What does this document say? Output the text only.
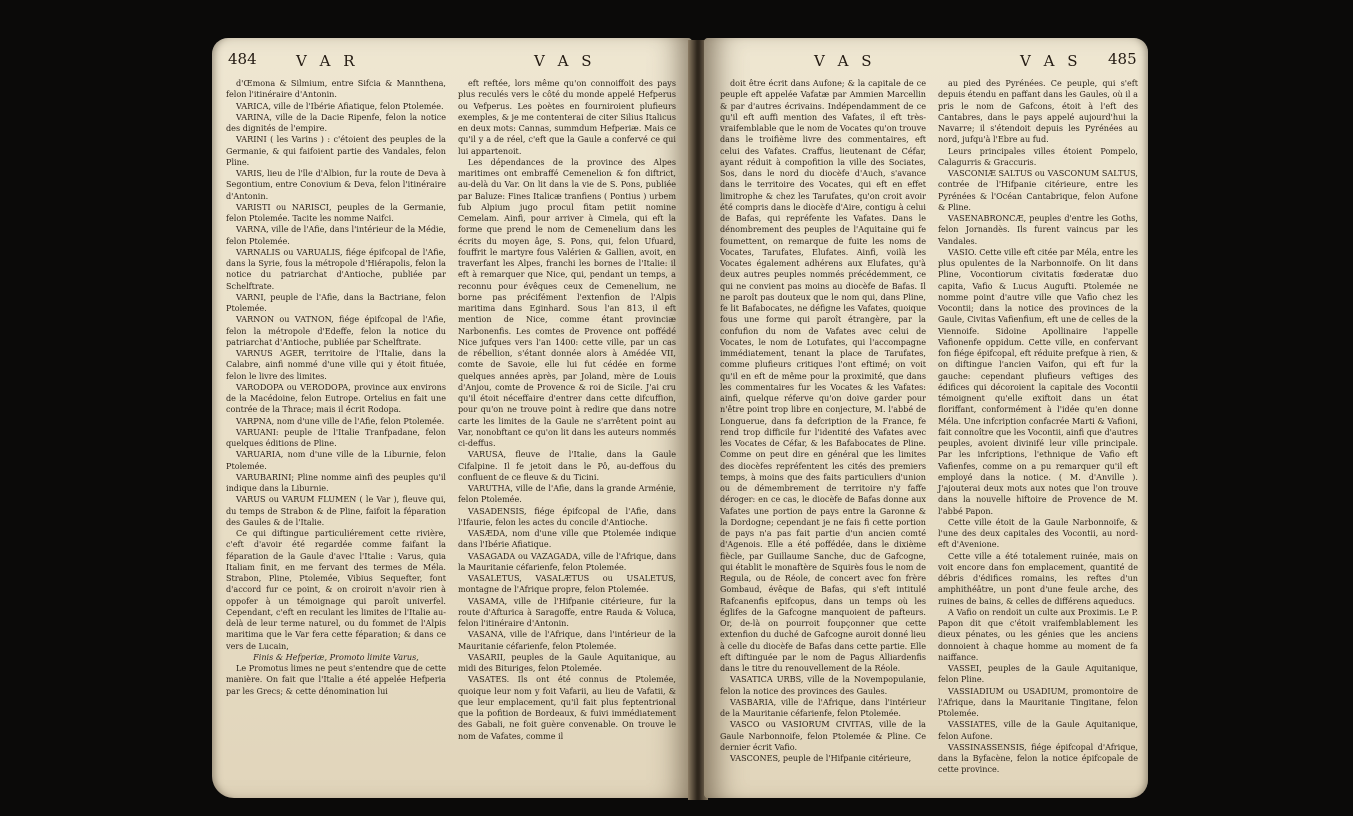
484	V A R	V A S

d'Œmona & Silmium, entre Sifcia & Mannthena, felon l'itinéraire d'Antonin.

VARICA, ville de l'Ibérie Afiatique, felon Ptolemée.

VARINA, ville de la Dacie Ripenfe, felon la notice des dignités de l'empire.

VARINI ( les Varins ) : c'étoient des peuples de la Germanie, & qui faifoient partie des Vandales, felon Pline.

VARIS, lieu de l'île d'Albion, fur la route de Deva à Segontium, entre Conovium & Deva, felon l'itinéraire d'Antonin.

VARISTI ou NARISCI, peuples de la Germanie, felon Ptolemée. Tacite les nomme Naifci.

VARNA, ville de l'Afie, dans l'intérieur de la Médie, felon Ptolemée.

VARNALIS ou VARUALIS, fiége épifcopal de l'Afie, dans la Syrie, fous la métropole d'Hiérapolis, felon la notice du patriarchat d'Antioche, publiée par Schelftrate.

VARNI, peuple de l'Afie, dans la Bactriane, felon Ptolemée.

VARNON ou VATNON, fiége épifcopal de l'Afie, felon la métropole d'Edeffe, felon la notice du patriarchat d'Antioche, publiée par Schelftrate.

VARNUS AGER, territoire de l'Italie, dans la Calabre, ainfi nommé d'une ville qui y étoit fituée, felon le livre des limites.

VARODOPA ou VERODOPA, province aux environs de la Macédoine, felon Eutrope. Ortelius en fait une contrée de la Thrace; mais il écrit Rodopa.

VARPNA, nom d'une ville de l'Afie, felon Ptolemée.

VARUANI: peuple de l'Italie Tranfpadane, felon quelques éditions de Pline.

VARUARIA, nom d'une ville de la Liburnie, felon Ptolemée.

VARUBARINI; Pline nomme ainfi des peuples qu'il indique dans la Liburnie.

VARUS ou VARUM FLUMEN ( le Var ), fleuve qui, du temps de Strabon & de Pline, faifoit la féparation des Gaules & de l'Italie.

Ce qui diftingue particuliérement cette rivière, c'eft d'avoir été regardée comme faifant la féparation de la Gaule d'avec l'Italie : Varus, quia Italiam finit, en me fervant des termes de Méla. Strabon, Pline, Ptolemée, Vibius Sequefter, font d'accord fur ce point, & on croiroit n'avoir rien à oppofer à un témoignage qui paroît univerfel. Cependant, c'eft en reculant les limites de l'Italie au-delà de leur terme naturel, ou du fommet de l'Alpis maritima que le Var fera cette féparation; & dans ce vers de Lucain,

Finis & Hefperiæ, Promoto limite Varus,

Le Promotus limes ne peut s'entendre que de cette manière. On fait que l'Italie a été appelée Hefperia par les Grecs; & cette dénomination lui

eft reftée, lors même qu'on connoiffoit des pays plus reculés vers le côté du monde appelé Hefperus ou Vefperus. Les poètes en fourniroient plufieurs exemples, & je me contenterai de citer Silius Italicus en deux mots: Cannas, summdum Hefperiæ. Mais ce qu'il y a de réel, c'eft que la Gaule a confervé ce qui lui appartenoit.

Les dépendances de la province des Alpes maritimes ont embraffé Cemenelion & fon diftrict, au-delà du Var. On lit dans la vie de S. Pons, publiée par Baluze: Fines Italicæ tranfiens ( Pontius ) urbem fub Alpium jugo procul fitam petiit nomine Cemelam. Ainfi, pour arriver à Cimela, qui eft la forme que prend le nom de Cemenelium dans les écrits du moyen âge, S. Pons, qui, felon Ufuard, fouffrit le martyre fous Valérien & Gallien, avoit, en traverfant les Alpes, franchi les bornes de l'Italie: il eft à remarquer que Nice, qui, pendant un temps, a reconnu pour évêques ceux de Cemenelium, ne borne pas précifément l'extenfion de l'Alpis maritima dans Eginhard. Sous l'an 813, il eft mention de Nice, comme étant provinciæ Narbonenfis. Les comtes de Provence ont poffédé Nice jufques vers l'an 1400: cette ville, par un cas de rébellion, s'étant donnée alors à Amédée VII, comte de Savoie, elle lui fut cédée en forme quelques années après, par Joland, mère de Louis d'Anjou, comte de Provence & roi de Sicile. J'ai cru qu'il étoit néceffaire d'entrer dans cette difcuffion, pour qu'on ne trouve point à redire que dans notre carte les limites de la Gaule ne s'arrêtent point au Var, nonobftant ce qu'on lit dans les auteurs nommés ci-deffus.

VARUSA, fleuve de l'Italie, dans la Gaule Cifalpine. Il fe jetoit dans le Pô, au-deffous du confluent de ce fleuve & du Ticini.

VARUTHA, ville de l'Afie, dans la grande Arménie, felon Ptolemée.

VASADENSIS, fiége épifcopal de l'Afie, dans l'Ifaurie, felon les actes du concile d'Antioche.

VASÆDA, nom d'une ville que Ptolemée indique dans l'Ibérie Afiatique.

VASAGADA ou VAZAGADA, ville de l'Afrique, dans la Mauritanie céfarienfe, felon Ptolemée.

VASALETUS, VASALÆTUS ou USALETUS, montagne de l'Afrique propre, felon Ptolemée.

VASAMA, ville de l'Hifpanie citérieure, fur la route d'Afturica à Saragoffe, entre Rauda & Voluca, felon l'itinéraire d'Antonin.

VASANA, ville de l'Afrique, dans l'intérieur de la Mauritanie céfarienfe, felon Ptolemée.

VASARII, peuples de la Gaule Aquitanique, au midi des Bituriges, felon Ptolemée.

VASATES. Ils ont été connus de Ptolemée, quoique leur nom y foit Vafarii, au lieu de Vafatii, & que leur emplacement, qu'il fait plus feptentrional que la pofition de Bordeaux, & fuivi immédiatement des Gabali, ne foit guère convenable. On trouve le nom de Vafates, comme il

V A S	V A S 485

doit être écrit dans Aufone; & la capitale de ce peuple eft appelée Vafatæ par Ammien Marcellin & par d'autres écrivains. Indépendamment de ce qu'il eft auffi mention des Vafates, il eft très-vraifemblable que le nom de Vocates qu'on trouve dans le troifième livre des commentaires, eft celui des Vafates. Craffus, lieutenant de Céfar, ayant réduit à compofition la ville des Sociates, Sos, dans le nord du diocèfe d'Auch, s'avance dans le territoire des Vocates, qui eft en effet limitrophe & chez les Tarufates, qu'on croit avoir été compris dans le diocèfe d'Aire, contigu à celui de Bafas, qui repréfente les Vafates. Dans le dénombrement des peuples de l'Aquitaine qui fe foumettent, on remarque de fuite les noms de Vocates, Tarufates, Elufates. Ainfi, voilà les Vocates également adhérens aux Elufates, qu'à deux autres peuples nommés précédemment, ce qui ne convient pas moins au diocèfe de Bafas. Il ne paroît pas douteux que le nom qui, dans Pline, fe lit Bafabocates, ne défigne les Vafates, quoique fous une forme qui paroît étrangère, par la confufion du nom de Vafates avec celui de Vocates, le nom de Lotufates, qui l'accompagne immédiatement, tenant la place de Tarufates, comme plufieurs critiques l'ont eftimé; on voit qu'il en eft de même pour la proximité, que dans les commentaires fur les Vocates & les Vafates: ainfi, quelque réferve qu'on doive garder pour n'être point trop libre en conjecture, M. l'abbé de Longuerue, dans fa defcription de la France, fe rend trop difficile fur l'identité des Vafates avec les Vocates de Céfar, & les Bafabocates de Pline. Comme on peut dire en général que les limites des diocèfes repréfentent les cités des premiers temps, à moins que des faits particuliers d'union ou de démembrement de territoire n'y faffe déroger: en ce cas, le diocèfe de Bafas donne aux Vafates une portion de pays entre la Garonne & la Dordogne; cependant je ne fais fi cette portion de pays n'a pas fait partie d'un ancien comté d'Agenois. Elle a été poffédée, dans le dixième fiècle, par Guillaume Sanche, duc de Gafcogne, qui établit le monaftère de Squirès fous le nom de Regula, ou de Réole, de concert avec fon frère Gombaud, évêque de Bafas, qui s'eft intitulé Rafcanenfis epifcopus, dans un temps où les églifes de la Gafcogne manquoient de pafteurs. Or, de-là on pourroit foupçonner que cette extenfion du duché de Gafcogne auroit donné lieu à celle du diocèfe de Bafas dans cette partie. Elle eft diftinguée par le nom de Pagus Alliardenfis dans le titre du renouvellement de la Réole.

VASATICA URBS, ville de la Novempopulanie, felon la notice des provinces des Gaules.

VASBARIA, ville de l'Afrique, dans l'intérieur de la Mauritanie céfarienfe, felon Ptolemée.

VASCO ou VASIORUM CIVITAS, ville de la Gaule Narbonnoife, felon Ptolemée & Pline. Ce dernier écrit Vafio.

VASCONES, peuple de l'Hifpanie citérieure,

au pied des Pyrénées. Ce peuple, qui s'eft depuis étendu en paffant dans les Gaules, où il a pris le nom de Gafcons, étoit à l'eft des Cantabres, dans le pays appelé aujourd'hui la Navarre; il s'étendoit depuis les Pyrénées au nord, jufqu'à l'Ebre au fud.

Leurs principales villes étoient Pompelo, Calagurris & Graccuris.

VASCONIÆ SALTUS ou VASCONUM SALTUS, contrée de l'Hifpanie citérieure, entre les Pyrénées & l'Océan Cantabrique, felon Aufone & Pline.

VASENABRONCÆ, peuples d'entre les Goths, felon Jornandès. Ils furent vaincus par les Vandales.

VASIO. Cette ville eft citée par Méla, entre les plus opulentes de la Narbonnoife. On lit dans Pline, Vocontiorum civitatis fœderatæ duo capita, Vafio & Lucus Augufti. Ptolemée ne nomme point d'autre ville que Vafio chez les Vocontii; dans la notice des provinces de la Gaule, Civitas Vafienfium, eft une de celles de la Viennoife. Sidoine Apollinaire l'appelle Vafionenfe oppidum. Cette ville, en confervant fon fiége épifcopal, eft réduite prefque à rien, & on diftingue l'ancien Vaifon, qui eft fur la gauche: cependant plufieurs veftiges des édifices qui décoroient la capitale des Vocontii témoignent qu'elle exiftoit dans un état floriffant, conformément à l'idée qu'en donne Méla. Une infcription confacrée Marti & Vafioni, fait connoître que les Vocontii, ainfi que d'autres peuples, avoient divinifé leur ville principale. Par les infcriptions, l'ethnique de Vafio eft Vafienfes, comme on a pu remarquer qu'il eft employé dans la notice. ( M. d'Anville ). J'ajouterai deux mots aux notes que l'on trouve dans la nouvelle hiftoire de Provence de M. l'abbé Papon.

Cette ville étoit de la Gaule Narbonnoife, & l'une des deux capitales des Vocontii, au nord-eft d'Avenione.

Cette ville a été totalement ruinée, mais on voit encore dans fon emplacement, quantité de débris d'édifices romains, les reftes d'un amphithéâtre, un pont d'une feule arche, des ruines de bains, & celles de différens aqueducs.

A Vafio on rendoit un culte aux Proximis. Le P. Papon dit que c'étoit vraifemblablement les dieux pénates, ou les génies que les anciens donnoient à chaque homme au moment de fa naiffance.

VASSEI, peuples de la Gaule Aquitanique, felon Pline.

VASSIADIUM ou USADIUM, promontoire de l'Afrique, dans la Mauritanie Tingitane, felon Ptolemée.

VASSIATES, ville de la Gaule Aquitanique, felon Aufone.

VASSINASSENSIS, fiége épifcopal d'Afrique, dans la Byfacène, felon la notice épifcopale de cette province.
